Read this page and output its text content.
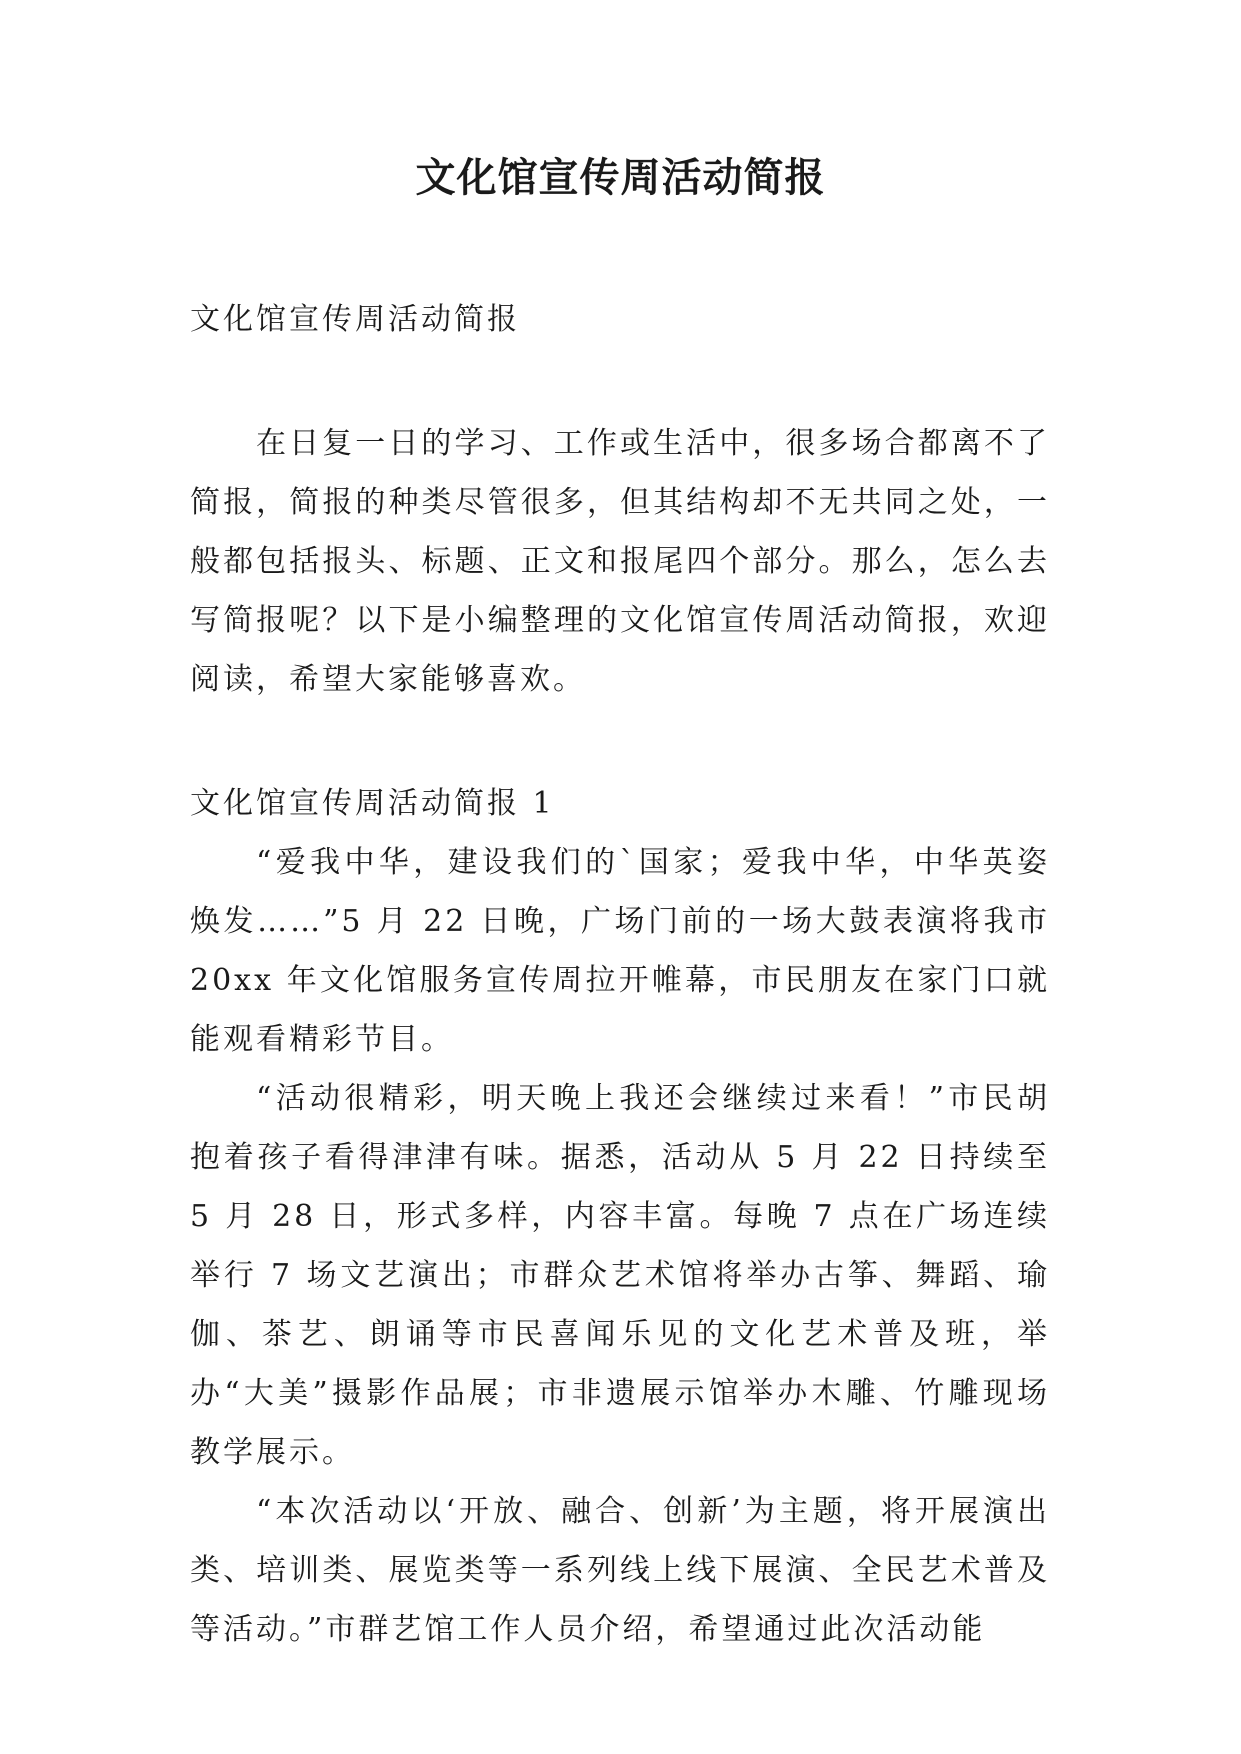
文化馆宣传周活动简报

文化馆宣传周活动简报

在日复一日的学习、工作或生活中，很多场合都离不了简报，简报的种类尽管很多，但其结构却不无共同之处，一般都包括报头、标题、正文和报尾四个部分。那么，怎么去写简报呢？以下是小编整理的文化馆宣传周活动简报，欢迎阅读，希望大家能够喜欢。

文化馆宣传周活动简报 1

“爱我中华，建设我们的`国家；爱我中华，中华英姿焕发……”5 月 22 日晚，广场门前的一场大鼓表演将我市 20xx 年文化馆服务宣传周拉开帷幕，市民朋友在家门口就能观看精彩节目。

“活动很精彩，明天晚上我还会继续过来看！”市民胡抱着孩子看得津津有味。据悉，活动从 5 月 22 日持续至 5 月 28 日，形式多样，内容丰富。每晚 7 点在广场连续举行 7 场文艺演出；市群众艺术馆将举办古筝、舞蹈、瑜伽、茶艺、朗诵等市民喜闻乐见的文化艺术普及班，举办“大美”摄影作品展；市非遗展示馆举办木雕、竹雕现场教学展示。

“本次活动以‘开放、融合、创新’为主题，将开展演出类、培训类、展览类等一系列线上线下展演、全民艺术普及等活动。”市群艺馆工作人员介绍，希望通过此次活动能
